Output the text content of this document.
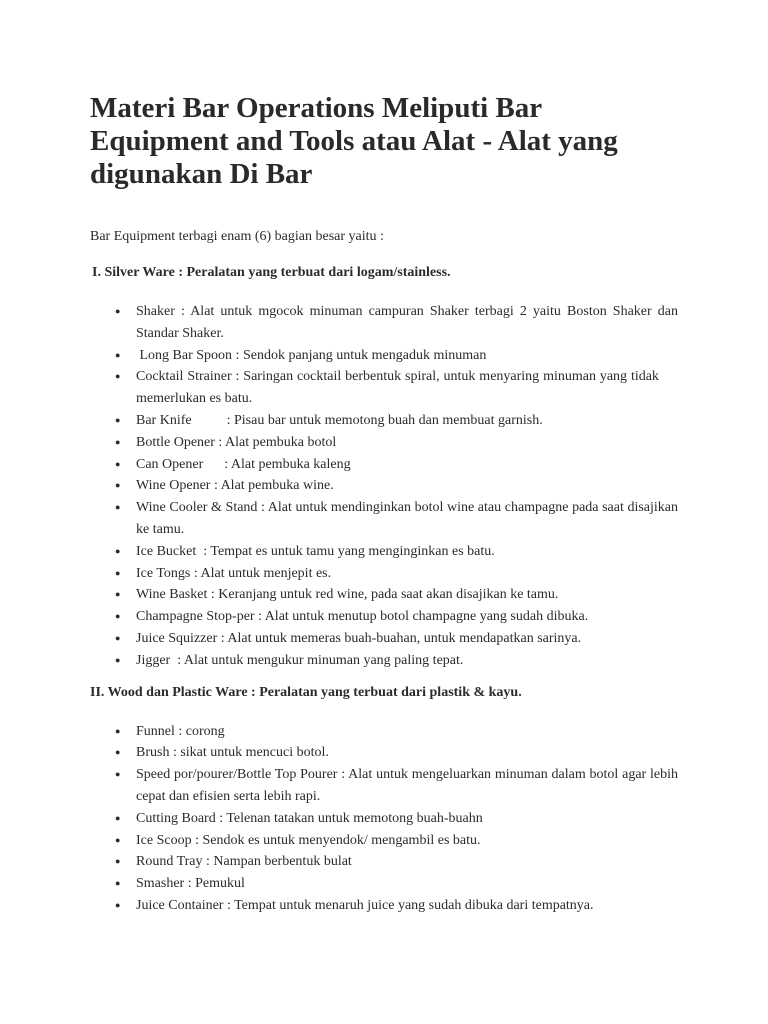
Materi Bar Operations Meliputi Bar Equipment and Tools atau Alat - Alat yang digunakan Di Bar

Bar Equipment terbagi enam (6) bagian besar yaitu :

I. Silver Ware : Peralatan yang terbuat dari logam/stainless.

● Shaker : Alat untuk mgocok minuman campuran Shaker terbagi 2 yaitu Boston Shaker dan Standar Shaker.
● Long Bar Spoon : Sendok panjang untuk mengaduk minuman
● Cocktail Strainer : Saringan cocktail berbentuk spiral, untuk menyaring minuman yang tidak      memerlukan es batu.
● Bar Knife          : Pisau bar untuk memotong buah dan membuat garnish.
● Bottle Opener : Alat pembuka botol
● Can Opener      : Alat pembuka kaleng
● Wine Opener : Alat pembuka wine.
● Wine Cooler & Stand : Alat untuk mendinginkan botol wine atau champagne pada saat disajikan ke tamu.
● Ice Bucket  : Tempat es untuk tamu yang menginginkan es batu.
● Ice Tongs : Alat untuk menjepit es.
● Wine Basket : Keranjang untuk red wine, pada saat akan disajikan ke tamu.
● Champagne Stop-per : Alat untuk menutup botol champagne yang sudah dibuka.
● Juice Squizzer : Alat untuk memeras buah-buahan, untuk mendapatkan sarinya.
● Jigger  : Alat untuk mengukur minuman yang paling tepat.

II. Wood dan Plastic Ware : Peralatan yang terbuat dari plastik & kayu.

● Funnel : corong
● Brush : sikat untuk mencuci botol.
● Speed por/pourer/Bottle Top Pourer : Alat untuk mengeluarkan minuman dalam botol agar lebih cepat dan efisien serta lebih rapi.
● Cutting Board : Telenan tatakan untuk memotong buah-buahn
● Ice Scoop : Sendok es untuk menyendok/ mengambil es batu.
● Round Tray : Nampan berbentuk bulat
● Smasher : Pemukul
● Juice Container : Tempat untuk menaruh juice yang sudah dibuka dari tempatnya.
